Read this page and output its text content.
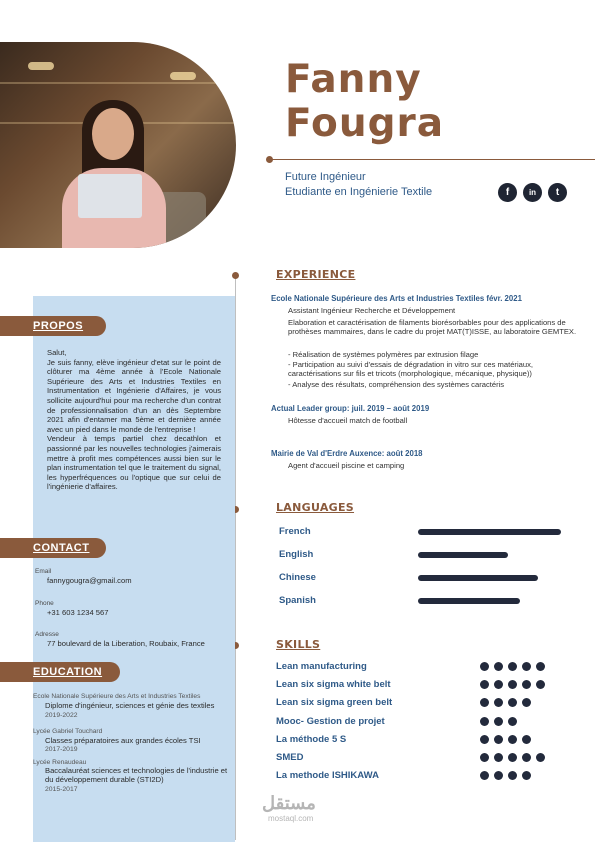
Fanny
Fougra
Future Ingénieur
Etudiante en Ingénierie Textile	f	in	t
PROPOS

Salut,

Je suis fanny, elève ingénieur d'etat sur le point de clôturer ma 4ème année à l'Ecole Nationale Supérieure des Arts et Industries Textiles en Instrumentation et Ingénierie d'Affaires, je vous sollicite aujourd'hui pour ma recherche d'un contrat de professionnalisation d'un an dès Septembre 2021 afin d'entamer ma 5ème et dernière année avec un pied dans le monde de l'entreprise !

Vendeur à temps partiel chez decathlon et passionné par les nouvelles technologies j'aimerais mettre à profit mes compétences aussi bien sur le plan instrumentation tel que le traitement du signal, les hyperfréquences ou l'optique que sur celui de l'ingénierie d'affaires.

CONTACT
Email
fannygougra@gmail.com
Phone
+31 603 1234 567
Adresse
77 boulevard de la Liberation, Roubaix, France
EDUCATION
Ecole Nationale Supérieure des Arts et Industries Textiles
Diplome d'ingénieur, sciences et génie des textiles
2019-2022
Lycée Gabriel Touchard
Classes préparatoires aux grandes écoles TSI
2017-2019
Lycée Renaudeau
Baccalauréat sciences et technologies de l'industrie et du développement durable (STI2D)
2015-2017
EXPERIENCE
Ecole Nationale Supérieure des Arts et Industries Textiles févr. 2021
Assistant Ingénieur Recherche et Développement
Elaboration et caractérisation de filaments biorésorbables pour des applications de prothèses mammaires, dans le cadre du projet MAT(T)ISSE, au laboratoire GEMTEX.
- Réalisation de systèmes polymères par extrusion filage
- Participation au suivi d'essais de dégradation in vitro sur ces matériaux, caractérisations sur fils et tricots (morphologique, mécanique, physique))
- Analyse des résultats, compréhension des systèmes caractéris
Actual Leader group: juil. 2019 – août 2019
Hôtesse d'accueil match de football
Mairie de Val d'Erdre Auxence: août 2018
Agent d'accueil piscine et camping
LANGUAGES
French
English
Chinese
Spanish
SKILLS
Lean manufacturing
Lean six sigma white belt
Lean six sigma green belt
Mooc- Gestion de projet
La méthode 5 S
SMED
La methode ISHIKAWA
مستقل
mostaql.com
